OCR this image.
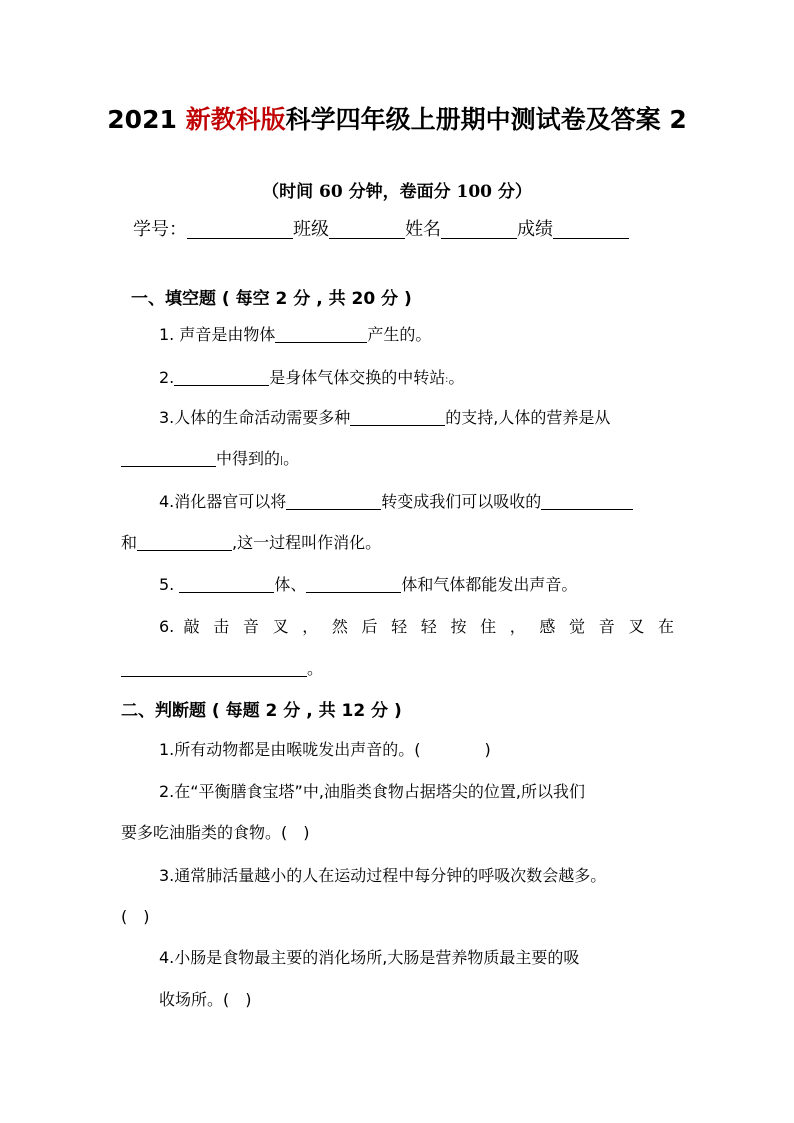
2021 新教科版科学四年级上册期中测试卷及答案 2
（时间 60 分钟，卷面分 100 分）
学号：	班级	姓名	成绩
一、填空题 ( 每空 2 分 , 共 20 分 )
1. 声音是由物体	产生的。
2.	是身体气体交换的中转站:。
3.人体的生命活动需要多种	的支持,人体的营养是从
中得到的|。
4.消化器官可以将	转变成我们可以吸收的
和	,这一过程叫作消化。
5.	体、	体和气体都能发出声音。
6. 敲 击 音 叉 ， 然 后 轻 轻 按 住 ， 感 觉 音 叉 在
。
二、判断题 ( 每题 2 分 , 共 12 分 )
1.所有动物都是由喉咙发出声音的。(　　　　)
2.在“平衡膳食宝塔”中,油脂类食物占据塔尖的位置,所以我们
要多吃油脂类的食物。(　)
3.通常肺活量越小的人在运动过程中每分钟的呼吸次数会越多。
(　)
4.小肠是食物最主要的消化场所,大肠是营养物质最主要的吸
收场所。(　)
